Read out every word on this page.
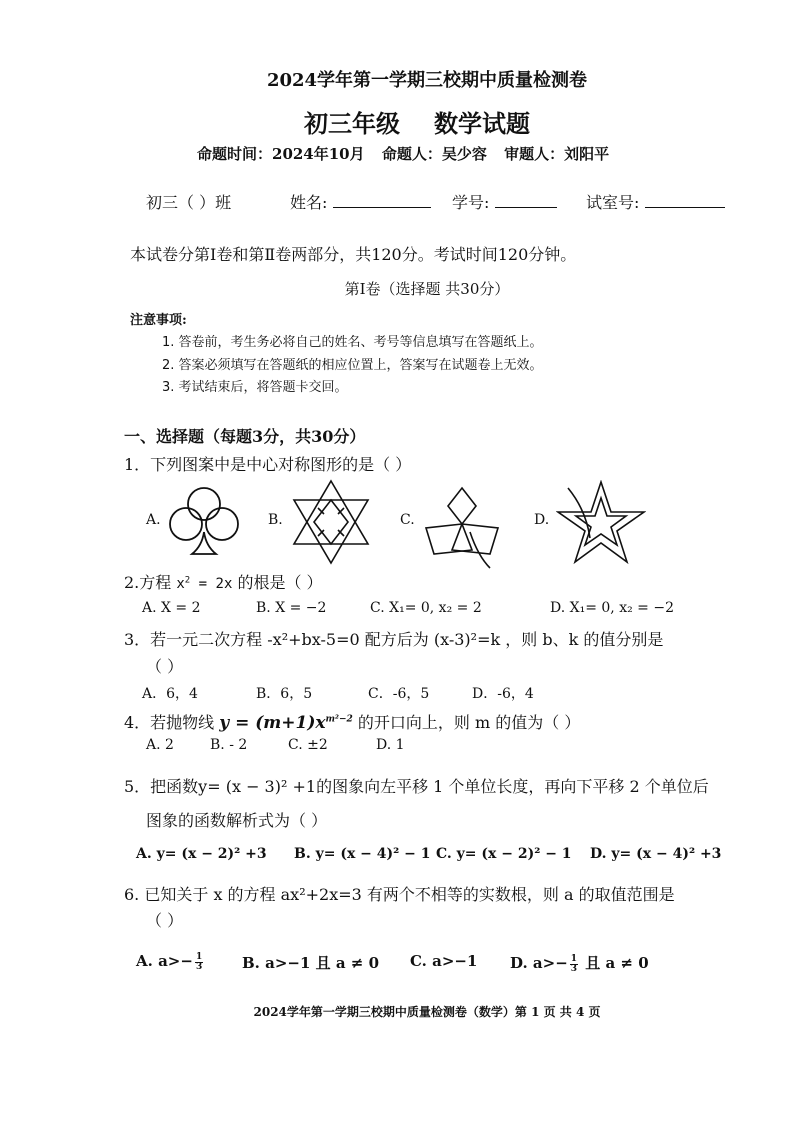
2024学年第一学期三校期中质量检测卷
初三年级 数学试题
命题时间：2024年10月 命题人：吴少容 审题人：刘阳平
初三（ ）班	姓名:	学号:	试室号:
本试卷分第Ⅰ卷和第Ⅱ卷两部分，共120分。考试时间120分钟。
第Ⅰ卷（选择题 共30分）
注意事项:
1. 答卷前，考生务必将自己的姓名、考号等信息填写在答题纸上。
2. 答案必须填写在答题纸的相应位置上，答案写在试题卷上无效。
3. 考试结束后，将答题卡交回。
一、选择题（每题3分，共30分）
1．下列图案中是中心对称图形的是（ ）
A.	B.	C.	D.
2.方程 $x^2 = 2x$ 的根是（ ）
A. X = 2	B. X = −2	C. X₁= 0, x₂ = 2	D. X₁= 0, x₂ = −2
3．若一元二次方程 -x²+bx-5=0 配方后为 (x-3)²=k ，则 b、k 的值分别是
（ ）
A．6，4	B．6，5	C．-6，5	D．-6，4
4．若抛物线 $y = (m+1)x^{m^2-2}$ 的开口向上，则 m 的值为（ ）
A. 2	B. - 2	C. ±2	D. 1
5．把函数y= (x − 3)² +1的图象向左平移 1 个单位长度，再向下平移 2 个单位后
图象的函数解析式为（ ）
A. y= (x − 2)² +3 B. y= (x − 4)² − 1 C. y= (x − 2)² − 1 D. y= (x − 4)² +3
6. 已知关于 x 的方程 ax²+2x=3 有两个不相等的实数根，则 a 的取值范围是
（ ）
A. $a>- \frac{1}{3}$	B. a>−1 且 a ≠ 0 C. a>−1 D. $a>- \frac{1}{3}$ 且 a ≠ 0
2024学年第一学期三校期中质量检测卷（数学）第 1 页 共 4 页
